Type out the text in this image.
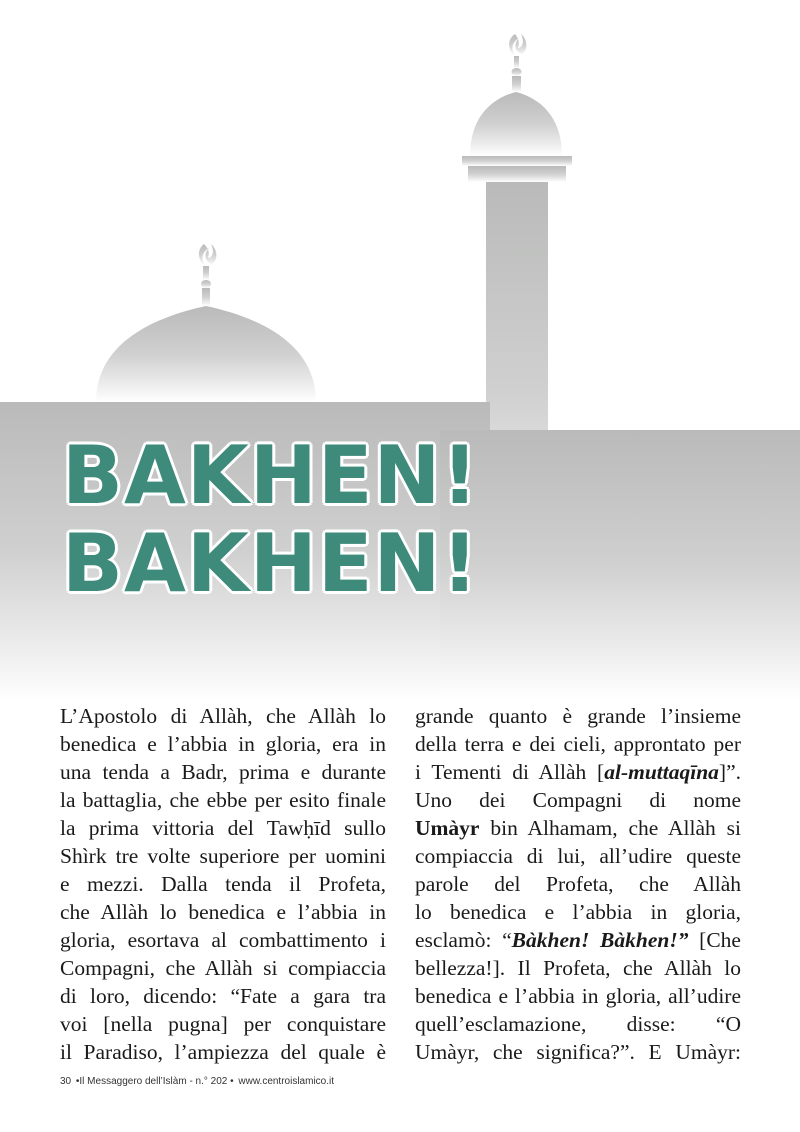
BAKHEN!
BAKHEN!
L’Apostolo di Allàh, che Allàh lo
benedica e l’abbia in gloria, era in
una tenda a Badr, prima e durante
la battaglia, che ebbe per esito finale
la prima vittoria del Tawḥīd sullo
Shìrk tre volte superiore per uomini
e mezzi. Dalla tenda il Profeta,
che Allàh lo benedica e l’abbia in
gloria, esortava al combattimento i
Compagni, che Allàh si compiaccia
di loro, dicendo: “Fate a gara tra
voi [nella pugna] per conquistare
il Paradiso, l’ampiezza del quale è
grande quanto è grande l’insieme
della terra e dei cieli, approntato per
i Tementi di Allàh [al-muttaqīna]”.
Uno dei Compagni di nome
Umàyr bin Alhamam, che Allàh si
compiaccia di lui, all’udire queste
parole del Profeta, che Allàh
lo benedica e l’abbia in gloria,
esclamò: “Bàkhen! Bàkhen!” [Che
bellezza!]. Il Profeta, che Allàh lo
benedica e l’abbia in gloria, all’udire
quell’esclamazione, disse: “O
Umàyr, che significa?”. E Umàyr:
30 •Il Messaggero dell’Islàm - n.° 202 • www.centroislamico.it
